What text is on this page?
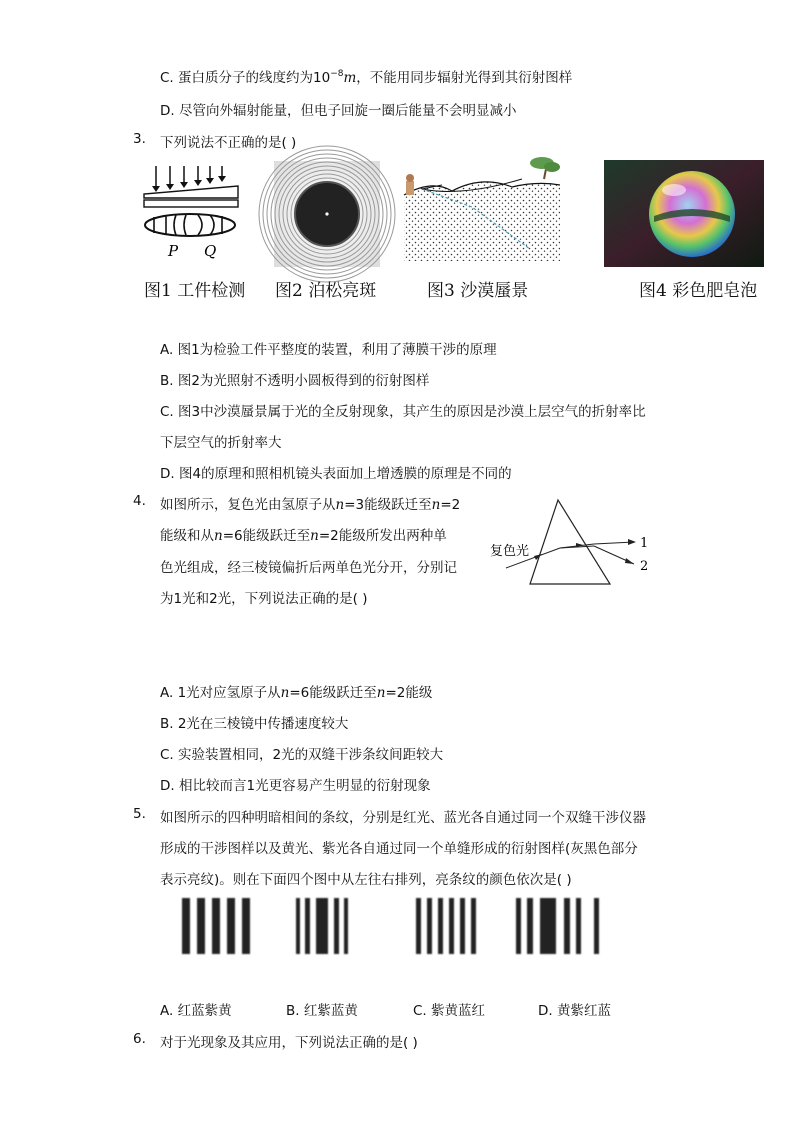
C. 蛋白质分子的线度约为$10^{-8}m$，不能用同步辐射光得到其衍射图样
D. 尽管向外辐射能量，但电子回旋一圈后能量不会明显减小
3. 下列说法不正确的是( )
P Q
图1 工件检测 图2 泊松亮斑	图3 沙漠蜃景	图4 彩色肥皂泡
A. 图1为检验工件平整度的装置，利用了薄膜干涉的原理
B. 图2为光照射不透明小圆板得到的衍射图样
C. 图3中沙漠蜃景属于光的全反射现象，其产生的原因是沙漠上层空气的折射率比
下层空气的折射率大
D. 图4的原理和照相机镜头表面加上增透膜的原理是不同的
4. 如图所示，复色光由氢原子从n=3能级跃迁至n=2
能级和从n=6能级跃迁至n=2能级所发出两种单
色光组成，经三棱镜偏折后两单色光分开，分别记
为1光和2光，下列说法正确的是( )
复色光
1
2
A. 1光对应氢原子从n=6能级跃迁至n=2能级
B. 2光在三棱镜中传播速度较大
C. 实验装置相同，2光的双缝干涉条纹间距较大
D. 相比较而言1光更容易产生明显的衍射现象
5. 如图所示的四种明暗相间的条纹，分别是红光、蓝光各自通过同一个双缝干涉仪器
形成的干涉图样以及黄光、紫光各自通过同一个单缝形成的衍射图样(灰黑色部分
表示亮纹)。则在下面四个图中从左往右排列，亮条纹的颜色依次是( )
A. 红蓝紫黄	B. 红紫蓝黄	C. 紫黄蓝红	D. 黄紫红蓝
6. 对于光现象及其应用，下列说法正确的是( )
